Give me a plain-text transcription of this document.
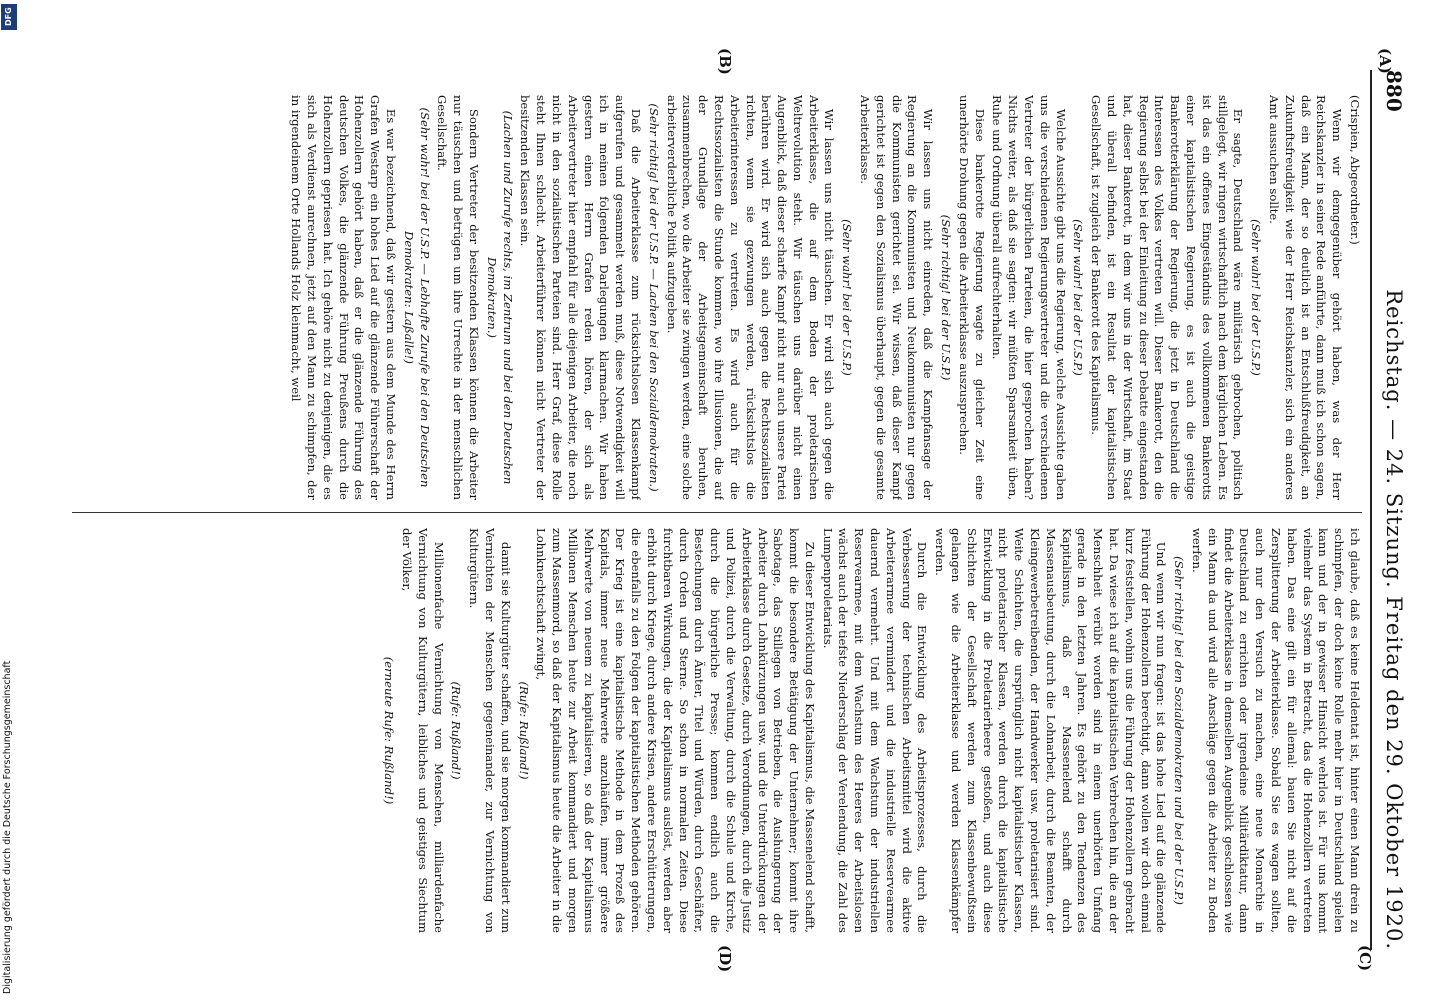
880
Reichstag. — 24. Sitzung. Freitag den 29. Oktober 1920.
(A)
(B)
(C)
(D)

(Crispien, Abgeordneter.)

Wenn wir demgegenüber gehört haben, was der Herr Reichskanzler in seiner Rede anführte, dann muß ich schon sagen, daß ein Mann, der so deutlich ist an Entschlußfreudigkeit, an Zukunftsfreudigkeit wie der Herr Reichskanzler, sich ein anderes Amt aussuchen sollte.

(Sehr wahr! bei der U.S.P.)

Er sagte, Deutschland wäre militärisch gebrochen, politisch stillgelegt, wir ringen wirtschaftlich nach dem kärglichen Leben. Es ist das ein offenes Eingeständnis des vollkommenen Bankerotts einer kapitalistischen Regierung, es ist auch die geistige Bankerotterklärung der Regierung, die jetzt in Deutschland die Interessen des Volkes vertreten will. Dieser Bankerott, den die Regierung selbst bei der Einleitung zu dieser Debatte eingestanden hat, dieser Bankerott, in dem wir uns in der Wirtschaft, im Staat und überall befinden, ist ein Resultat der kapitalistischen Gesellschaft, ist zugleich der Bankerott des Kapitalismus.

(Sehr wahr! bei der U.S.P.)

Welche Aussichte gibt uns die Regierung, welche Aussichte gaben uns die verschiedenen Regierungsvertreter und die verschiedenen Vertreter der bürgerlichen Parteien, die hier gesprochen haben? Nichts weiter, als daß sie sagten: wir müßten Sparsamkeit üben, Ruhe und Ordnung überall aufrechterhalten.

Diese bankerotte Regierung wagte zu gleicher Zeit eine unerhörte Drohung gegen die Arbeiterklasse auszusprechen.

(Sehr richtig! bei der U.S.P.)

Wir lassen uns nicht einreden, daß die Kampfansage der Regierung an die Kommunisten und Neukommunisten nur gegen die Kommunisten gerichtet sei. Wir wissen, daß dieser Kampf gerichtet ist gegen den Sozialismus überhaupt, gegen die gesamte Arbeiterklasse.

(Sehr wahr! bei der U.S.P.)

Wir lassen uns nicht täuschen. Er wird sich auch gegen die Arbeiterklasse, die auf dem Boden der proletarischen Weltrevolution steht. Wir täuschen uns darüber nicht einen Augenblick, daß dieser scharfe Kampf nicht nur auch unsere Partei berühren wird. Er wird sich auch gegen die Rechtssozialisten richten, wenn sie gezwungen werden, rücksichtslos die Arbeiterinteressen zu vertreten. Es wird auch für die Rechtssozialisten die Stunde kommen, wo ihre Illusionen, die auf der Grundlage der Arbeitsgemeinschaft beruhen, zusammenbrechen, wo die Arbeiter sie zwingen werden, eine solche arbeiterverderbliche Politik aufzugeben.

(Sehr richtig! bei der U.S.P. — Lachen bei den Sozialdemokraten.)

Daß die Arbeiterklasse zum rücksichtslosen Klassenkampf aufgerufen und gesammelt werden muß, diese Notwendigkeit will ich in meinen folgenden Darlegungen klarmachen. Wir haben gestern einen Herrn Grafen reden hören, der sich als Arbeitervertreter hier empfahl für alle diejenigen Arbeiter, die noch nicht in den sozialistischen Parteien sind. Herr Graf, diese Rolle steht Ihnen schlecht. Arbeiterführer können nicht Vertreter der besitzenden Klassen sein.

(Lachen und Zurufe rechts, im Zentrum und bei den Deutschen Demokraten.)

Sondern Vertreter der besitzenden Klassen können die Arbeiter nur täuschen und betrügen um ihre Urrechte in der menschlichen Gesellschaft.

(Sehr wahr! bei der U.S.P. — Lebhafte Zurufe bei den Deutschen Demokraten: Laßalle!)

Es war bezeichnend, daß wir gestern aus dem Munde des Herrn Grafen Westarp ein hohes Lied auf die glänzende Führerschaft der Hohenzollern gehört haben, daß er die glänzende Führung des deutschen Volkes, die glänzende Führung Preußens durch die Hohenzollern gepriesen hat. Ich gehöre nicht zu denjenigen, die es sich als Verdienst anrechnen, jetzt auf den Mann zu schimpfen, der in irgendeinem Orte Hollands Holz kleinmacht, weil

ich glaube, daß es keine Heldentat ist, hinter einen Mann drein zu schimpfen, der doch keine Rolle mehr hier in Deutschland spielen kann und der in gewisser Hinsicht wehrlos ist. Für uns kommt vielmehr das System in Betracht, das die Hohenzollern vertreten haben. Das eine gilt ein für allemal: bauen Sie nicht auf die Zersplitterung der Arbeiterklasse. Sobald Sie es wagen sollten, auch nur den Versuch zu machen, eine neue Monarchie in Deutschland zu errichten oder irgendeine Militärdiktatur, dann findet die Arbeiterklasse in demselben Augenblick geschlossen wie ein Mann da und wird alle Anschläge gegen die Arbeiter zu Boden werfen.

(Sehr richtig! bei den Sozialdemokraten und bei der U.S.P.)

Und wenn wir nun fragen: ist das hohe Lied auf die glänzende Führung der Hohenzollern berechtigt, dann wollen wir doch einmal kurz feststellen, wohin uns die Führung der Hohenzollern gebracht hat. Da wiese ich auf die kapitalistischen Verbrechen hin, die an der Menschheit verübt worden sind in einem unerhörten Umfang gerade in den letzten Jahren. Es gehört zu den Tendenzen des Kapitalismus, daß er Massenelend schafft durch Massenausbeutung, durch die Lohnarbeit, durch die Beamten, der Kleingewerbetreibenden, der Handwerker usw. proletarisiert sind. Weite Schichten, die ursprünglich nicht kapitalistischer Klassen, nicht proletarischer Klassen, werden durch die kapitalistische Entwicklung in die Proletarierheere gestoßen, und auch diese Schichten der Gesellschaft werden zum Klassenbewußtsein gelangen wie die Arbeiterklasse und werden Klassenkämpfer werden.

Durch die Entwicklung des Arbeitsprozesses, durch die Verbesserung der technischen Arbeitsmittel wird die aktive Arbeiterarmee vermindert und die industrielle Reservearmee dauernd vermehrt. Und mit dem Wachstum der industriellen Reservearmee, mit dem Wachstum des Heeres der Arbeitslosen wächst auch der tiefste Niederschlag der Verelendung, die Zahl des Lumpenproletariats.

Zu dieser Entwicklung des Kapitalismus, die Massenelend schafft, kommt die besondere Betätigung der Unternehmer; kommt ihre Sabotage, das Stillegen von Betrieben, die Aushungerung der Arbeiter durch Lohnkürzungen usw. und die Unterdrückungen der Arbeiterklasse durch Gesetze, durch Verordnungen, durch die Justiz und Polizei, durch die Verwaltung, durch die Schule und Kirche, durch die bürgerliche Presse; kommen endlich auch die Bestechungen durch Ämter, Titel und Würden, durch Geschäfter, durch Orden und Sterne. So schon in normalen Zeiten. Diese furchtbaren Wirkungen, die der Kapitalismus auslöst, werden aber erhöht durch Kriege, durch andere Krisen, andere Erschütterungen, die ebenfalls zu den Folgen der kapitalistischen Methoden gehören. Der Krieg ist eine kapitalistische Methode in dem Prozeß des Kapitals, immer neue Mehrwerte anzuhäufen, immer größere Mehrwerte von neuem zu kapitalisieren, so daß der Kapitalismus Millionen Menschen heute zur Arbeit kommandiert und morgen zum Massenmord, so daß der Kapitalismus heute die Arbeiter in die Lohnknechtschaft zwingt,

(Rufe: Rußland!)

damit sie Kulturgüter schaffen, und sie morgen kommandiert zum Vernichten der Menschen gegeneinander, zur Vernichtung von Kulturgütern.

(Rufe: Rußland!)

Millionenfache Vernichtung von Menschen, milliardenfache Vernichtung von Kulturgütern, leibliches und geistiges Siechtum der Völker,

(erneute Rufe: Rußland!)

DFG
Digitalisierung gefördert durch die Deutsche Forschungsgemeinschaft
